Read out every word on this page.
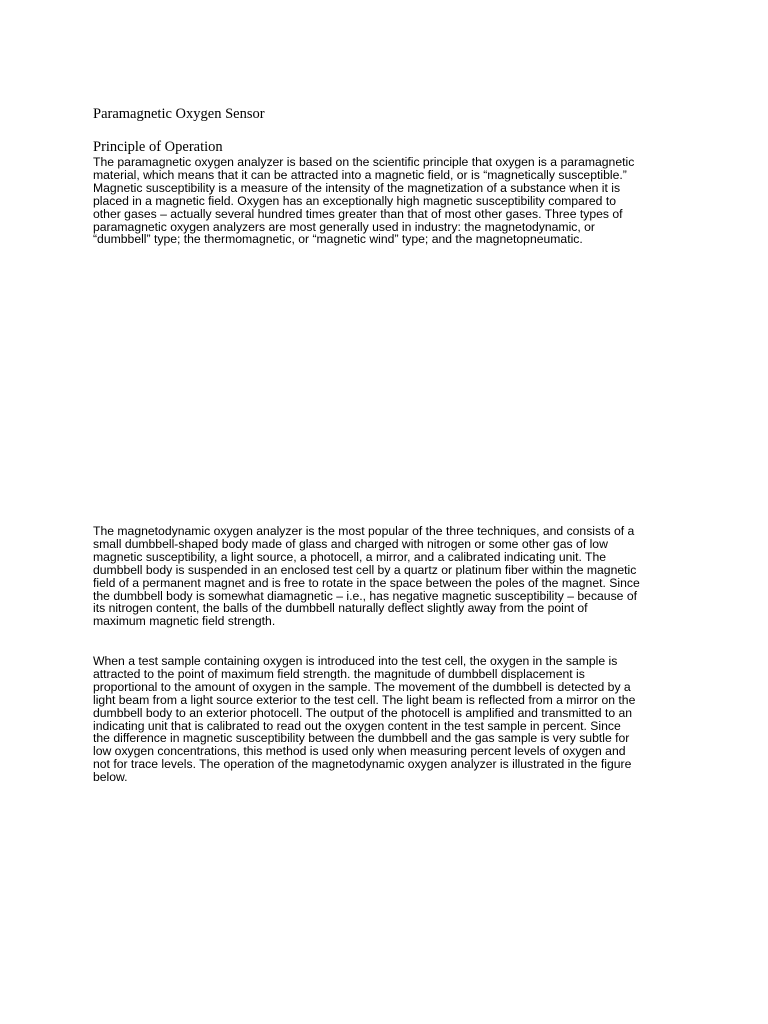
Paramagnetic Oxygen Sensor
Principle of Operation

The paramagnetic oxygen analyzer is based on the scientific principle that oxygen is a paramagnetic
material, which means that it can be attracted into a magnetic field, or is “magnetically susceptible.”
Magnetic susceptibility is a measure of the intensity of the magnetization of a substance when it is
placed in a magnetic field. Oxygen has an exceptionally high magnetic susceptibility compared to
other gases – actually several hundred times greater than that of most other gases. Three types of
paramagnetic oxygen analyzers are most generally used in industry: the magnetodynamic, or
“dumbbell” type; the thermomagnetic, or “magnetic wind” type; and the magnetopneumatic.

The magnetodynamic oxygen analyzer is the most popular of the three techniques, and consists of a
small dumbbell-shaped body made of glass and charged with nitrogen or some other gas of low
magnetic susceptibility, a light source, a photocell, a mirror, and a calibrated indicating unit. The
dumbbell body is suspended in an enclosed test cell by a quartz or platinum fiber within the magnetic
field of a permanent magnet and is free to rotate in the space between the poles of the magnet. Since
the dumbbell body is somewhat diamagnetic – i.e., has negative magnetic susceptibility – because of
its nitrogen content, the balls of the dumbbell naturally deflect slightly away from the point of
maximum magnetic field strength.

When a test sample containing oxygen is introduced into the test cell, the oxygen in the sample is
attracted to the point of maximum field strength. the magnitude of dumbbell displacement is
proportional to the amount of oxygen in the sample. The movement of the dumbbell is detected by a
light beam from a light source exterior to the test cell. The light beam is reflected from a mirror on the
dumbbell body to an exterior photocell. The output of the photocell is amplified and transmitted to an
indicating unit that is calibrated to read out the oxygen content in the test sample in percent. Since
the difference in magnetic susceptibility between the dumbbell and the gas sample is very subtle for
low oxygen concentrations, this method is used only when measuring percent levels of oxygen and
not for trace levels. The operation of the magnetodynamic oxygen analyzer is illustrated in the figure
below.
